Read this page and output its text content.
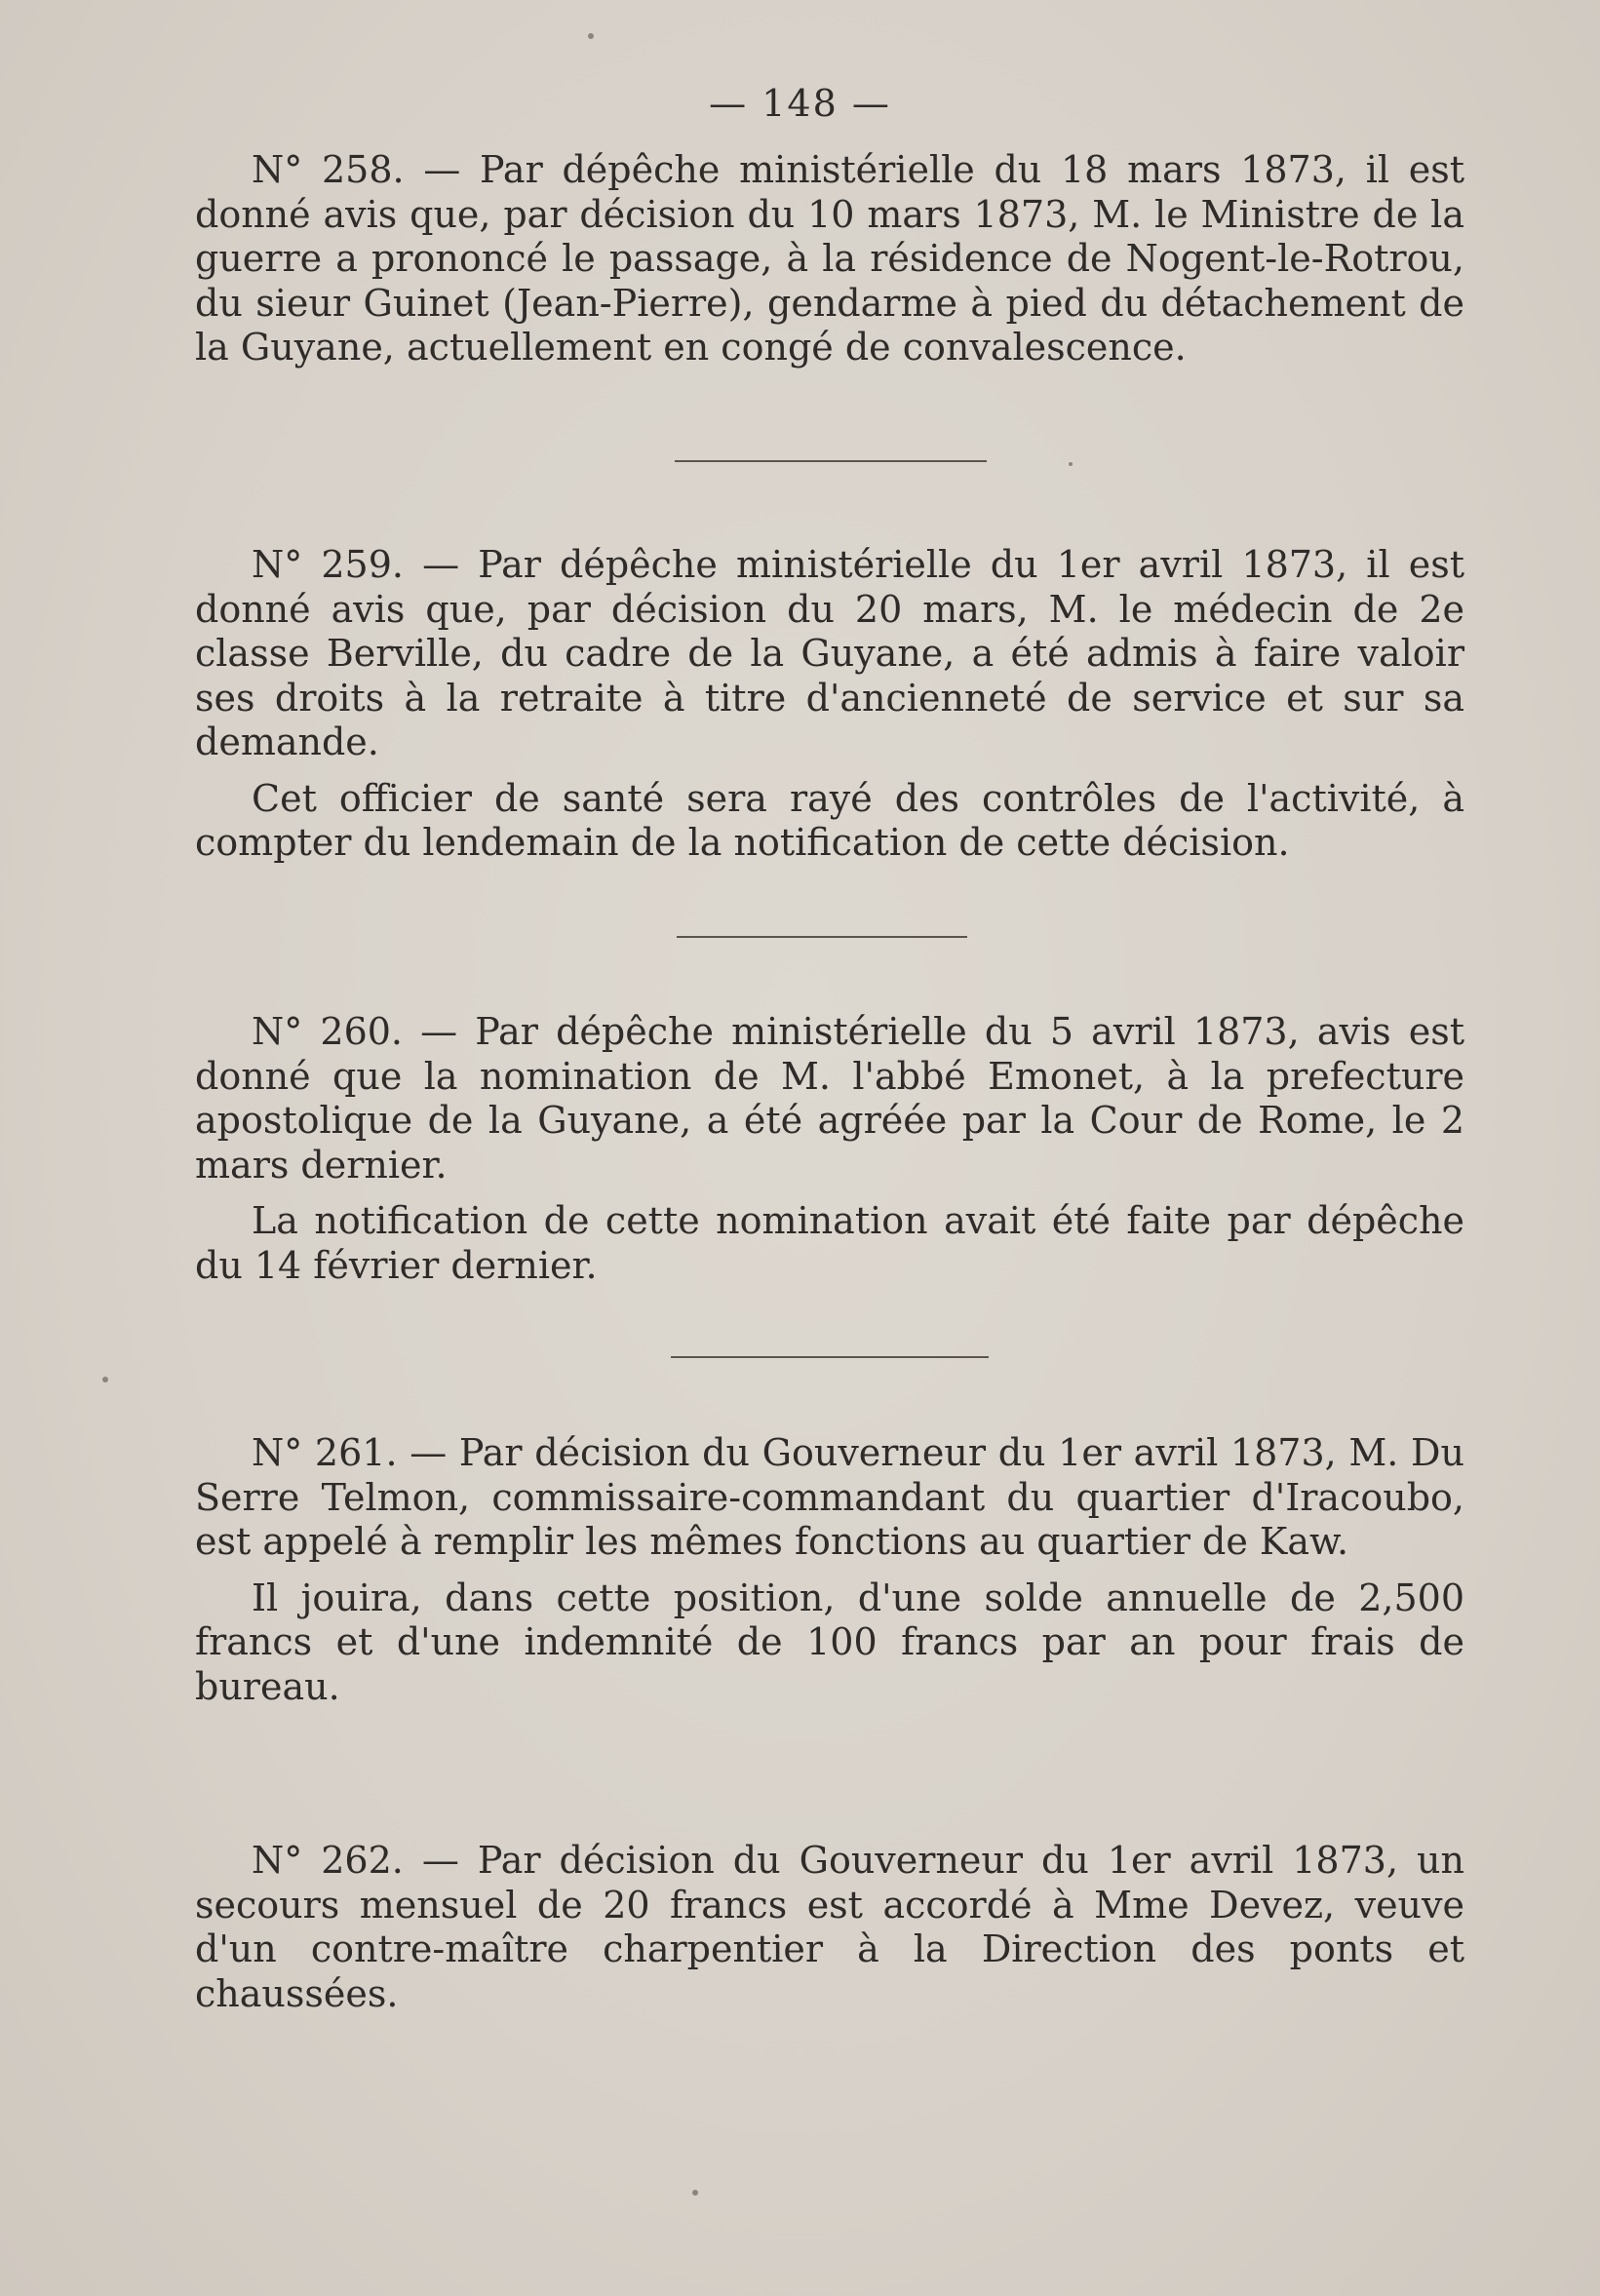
— 148 —

N° 258. — Par dépêche ministérielle du 18 mars 1873, il est donné avis que, par décision du 10 mars 1873, M. le Ministre de la guerre a prononcé le passage, à la résidence de Nogent-le-Rotrou, du sieur Guinet (Jean-Pierre), gendarme à pied du détachement de la Guyane, actuellement en congé de convalescence.

N° 259. — Par dépêche ministérielle du 1er avril 1873, il est donné avis que, par décision du 20 mars, M. le médecin de 2e classe Berville, du cadre de la Guyane, a été admis à faire valoir ses droits à la retraite à titre d'ancienneté de service et sur sa demande.

Cet officier de santé sera rayé des contrôles de l'activité, à compter du lendemain de la notification de cette décision.

N° 260. — Par dépêche ministérielle du 5 avril 1873, avis est donné que la nomination de M. l'abbé Emonet, à la prefecture apostolique de la Guyane, a été agréée par la Cour de Rome, le 2 mars dernier.

La notification de cette nomination avait été faite par dépêche du 14 février dernier.

N° 261. — Par décision du Gouverneur du 1er avril 1873, M. Du Serre Telmon, commissaire-commandant du quartier d'Iracoubo, est appelé à remplir les mêmes fonctions au quartier de Kaw.

Il jouira, dans cette position, d'une solde annuelle de 2,500 francs et d'une indemnité de 100 francs par an pour frais de bureau.

N° 262. — Par décision du Gouverneur du 1er avril 1873, un secours mensuel de 20 francs est accordé à Mme Devez, veuve d'un contre-maître charpentier à la Direction des ponts et chaussées.
